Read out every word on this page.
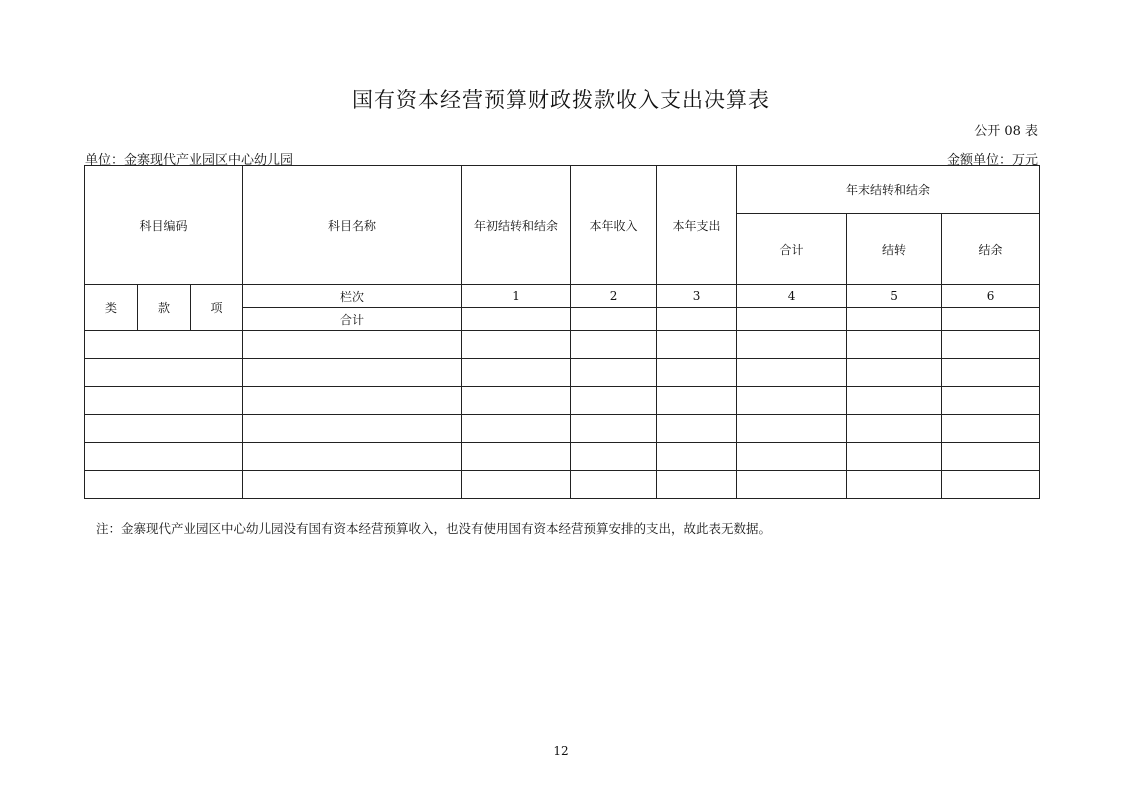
国有资本经营预算财政拨款收入支出决算表
公开 08 表
单位：金寨现代产业园区中心幼儿园	金额单位：万元
科目编码			科目名称	年初结转和结余	本年收入	本年支出	年末结转和结余		
							合计	结转	结余
类	款	项	栏次	1	2	3	4	5	6
			合计						

注：金寨现代产业园区中心幼儿园没有国有资本经营预算收入，也没有使用国有资本经营预算安排的支出，故此表无数据。
12
